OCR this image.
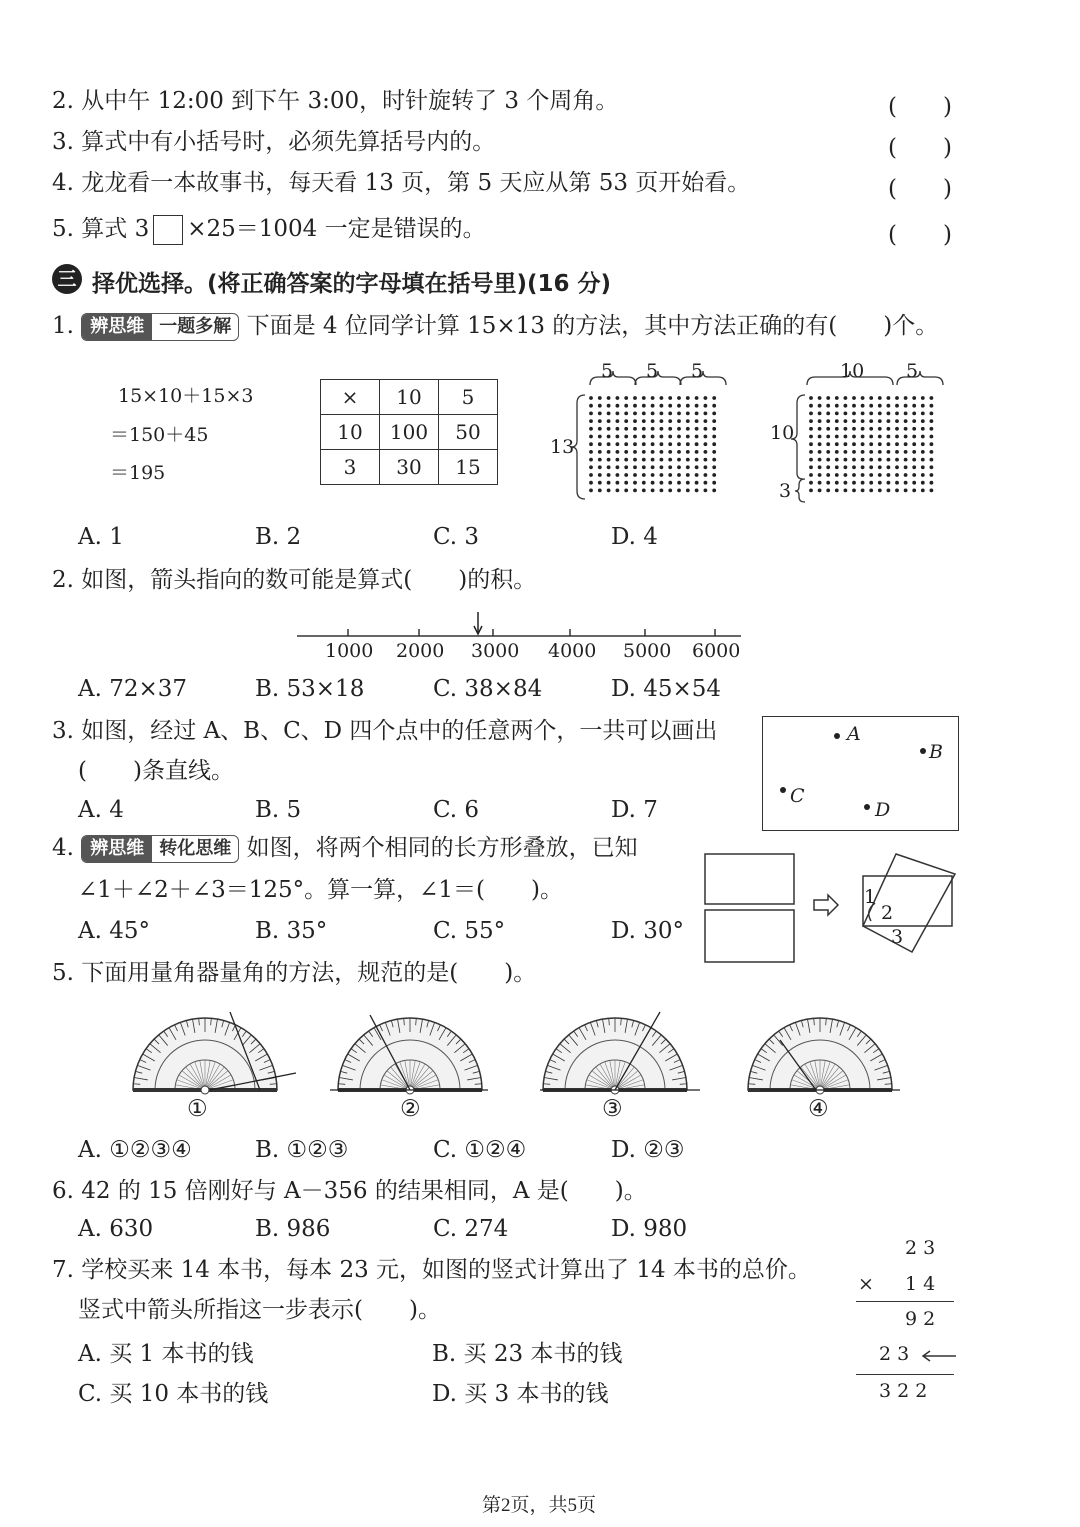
2. 从中午 12:00 到下午 3:00，时针旋转了 3 个周角。	(　　)
3. 算式中有小括号时，必须先算括号内的。	(　　)
4. 龙龙看一本故事书，每天看 13 页，第 5 天应从第 53 页开始看。	(　　)
5. 算式 3 ×25＝1004 一定是错误的。	(　　)
三 择优选择。(将正确答案的字母填在括号里)(16 分)
1. 辨思维 一题多解 下面是 4 位同学计算 15×13 的方法，其中方法正确的有(　　)个。
15×10＋15×3
＝150＋45
＝195
×	10	5
10	100	50
3	30	15
5 5 5
13
10 5
10
3
A. 1	B. 2	C. 3	D. 4
2. 如图，箭头指向的数可能是算式(　　)的积。
1000 2000 3000 4000 5000 6000
A. 72×37	B. 53×18	C. 38×84	D. 45×54
3. 如图，经过 A、B、C、D 四个点中的任意两个，一共可以画出
(　　)条直线。
A
B
C
D
A. 4	B. 5	C. 6	D. 7
4. 辨思维 转化思维 如图，将两个相同的长方形叠放，已知
∠1＋∠2＋∠3＝125°。算一算，∠1＝(　　)。	1
2
3
A. 45°	B. 35°	C. 55°	D. 30°
5. 下面用量角器量角的方法，规范的是(　　)。
①	②	③	④
A. ①②③④	B. ①②③	C. ①②④	D. ②③
6. 42 的 15 倍刚好与 A－356 的结果相同，A 是(　　)。
A. 630	B. 986	C. 274	D. 980
7. 学校买来 14 本书，每本 23 元，如图的竖式计算出了 14 本书的总价。
竖式中箭头所指这一步表示(　　)。
A. 买 1 本书的钱	B. 买 23 本书的钱
C. 买 10 本书的钱	D. 买 3 本书的钱
2 3
× 1 4
9 2
2 3
3 2 2
第2页，共5页
